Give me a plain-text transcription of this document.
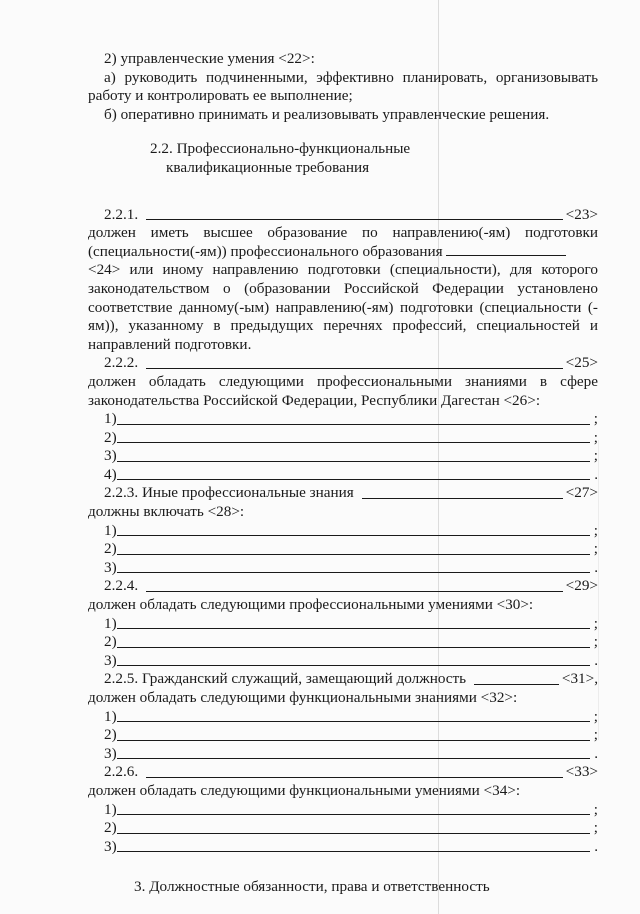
2) управленческие умения <22>:

а) руководить подчиненными, эффективно планировать, организовывать работу и контролировать ее выполнение;

б) оперативно принимать и реализовывать управленческие решения.

2.2. Профессионально-функциональные
квалификационные требования
2.2.1.	<23>

должен иметь высшее образование по направлению(-ям) подготовки (специальности(-ям)) профессионального образования

<24> или иному направлению подготовки (специальности), для которого законодательством о (образовании Российской Федерации установлено соответствие данному(-ым) направлению(-ям) подготовки (специальности (-ям)), указанному в предыдущих перечнях профессий, специальностей и направлений подготовки.

2.2.2.	<25>

должен обладать следующими профессиональными знаниями в сфере законодательства Российской Федерации, Республики Дагестан <26>:

1)	;
2)	;
3)	;
4)	.
2.2.3. Иные профессиональные знания	<27>

должны включать <28>:

1)	;
2)	;
3)	.
2.2.4.	<29>

должен обладать следующими профессиональными умениями <30>:

1)	;
2)	;
3)	.
2.2.5. Гражданский служащий, замещающий должность	<31>,

должен обладать следующими функциональными знаниями <32>:

1)	;
2)	;
3)	.
2.2.6.	<33>

должен обладать следующими функциональными умениями <34>:

1)	;
2)	;
3)	.
3. Должностные обязанности, права и ответственность
